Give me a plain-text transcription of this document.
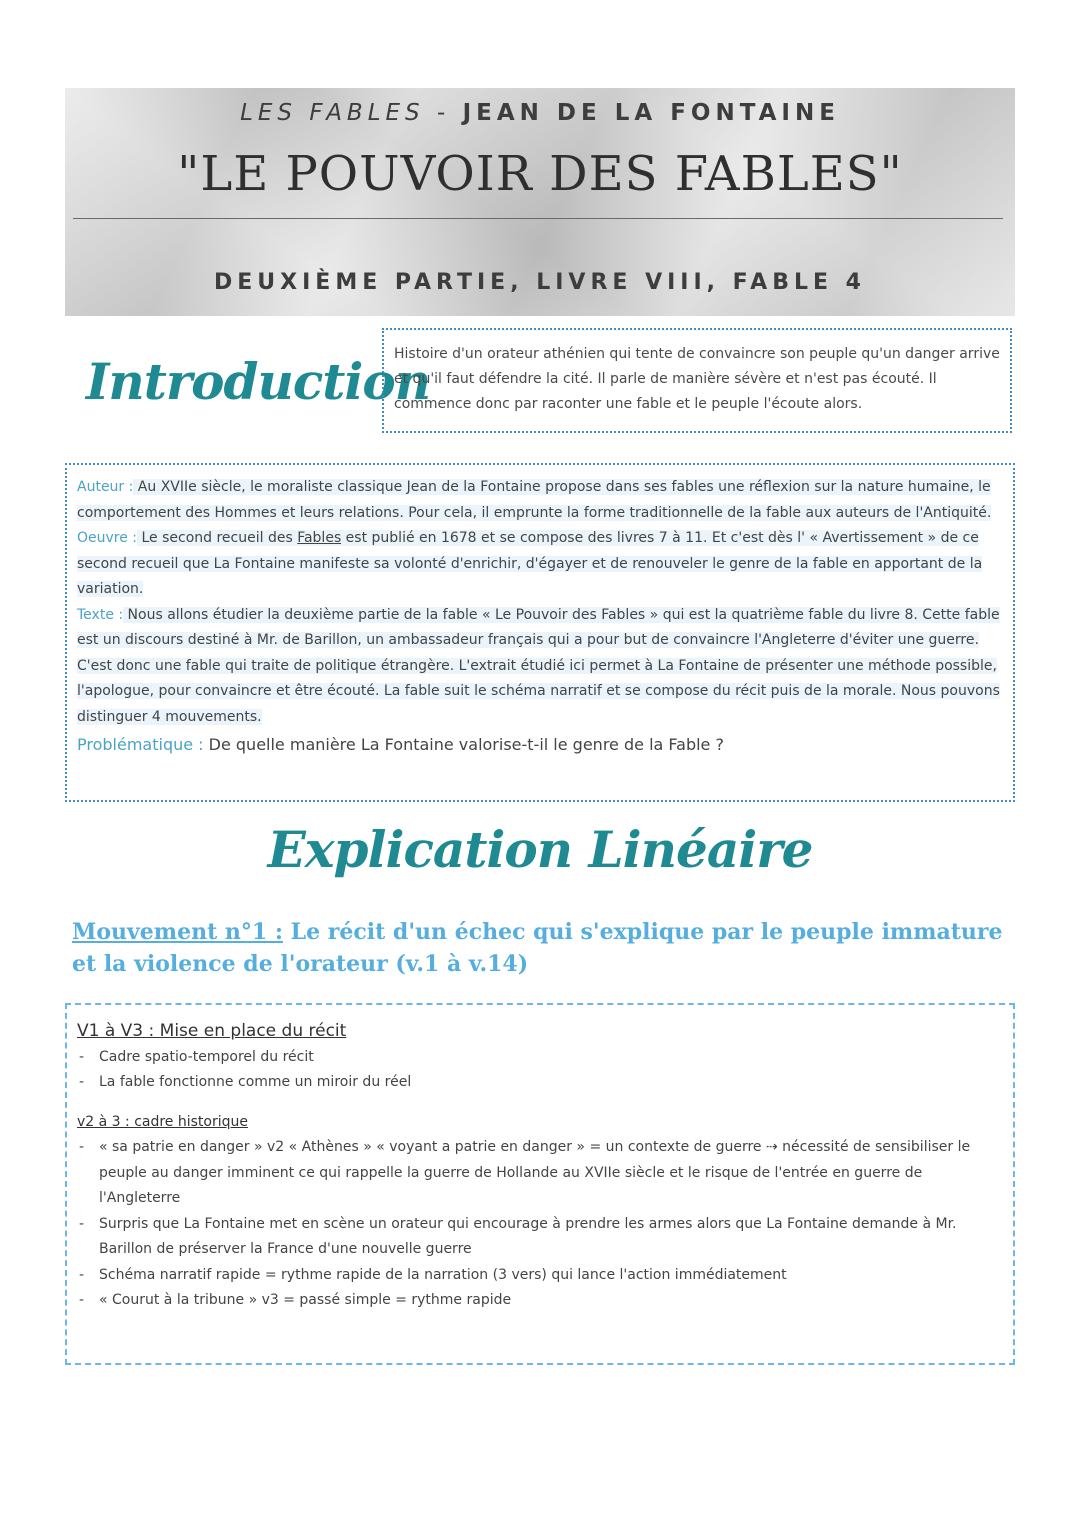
LES FABLES - JEAN DE LA FONTAINE
"LE POUVOIR DES FABLES"
DEUXIÈME PARTIE, LIVRE VIII, FABLE 4
Introduction
Histoire d'un orateur athénien qui tente de convaincre son peuple qu'un danger arrive et qu'il faut défendre la cité. Il parle de manière sévère et n'est pas écouté. Il commence donc par raconter une fable et le peuple l'écoute alors.
Auteur : Au XVIIe siècle, le moraliste classique Jean de la Fontaine propose dans ses fables une réflexion sur la nature humaine, le comportement des Hommes et leurs relations. Pour cela, il emprunte la forme traditionnelle de la fable aux auteurs de l'Antiquité.
Oeuvre : Le second recueil des Fables est publié en 1678 et se compose des livres 7 à 11. Et c'est dès l' « Avertissement » de ce second recueil que La Fontaine manifeste sa volonté d'enrichir, d'égayer et de renouveler le genre de la fable en apportant de la variation.
Texte : Nous allons étudier la deuxième partie de la fable « Le Pouvoir des Fables » qui est la quatrième fable du livre 8. Cette fable est un discours destiné à Mr. de Barillon, un ambassadeur français qui a pour but de convaincre l'Angleterre d'éviter une guerre. C'est donc une fable qui traite de politique étrangère. L'extrait étudié ici permet à La Fontaine de présenter une méthode possible, l'apologue, pour convaincre et être écouté. La fable suit le schéma narratif et se compose du récit puis de la morale. Nous pouvons distinguer 4 mouvements.
Problématique : De quelle manière La Fontaine valorise-t-il le genre de la Fable ?
Explication Linéaire
Mouvement n°1 : Le récit d'un échec qui s'explique par le peuple immature et la violence de l'orateur (v.1 à v.14)
V1 à V3 : Mise en place du récit
- Cadre spatio-temporel du récit
- La fable fonctionne comme un miroir du réel
v2 à 3 : cadre historique
- « sa patrie en danger » v2 « Athènes » « voyant a patrie en danger » = un contexte de guerre ⇢ nécessité de sensibiliser le peuple au danger imminent ce qui rappelle la guerre de Hollande au XVIIe siècle et le risque de l'entrée en guerre de l'Angleterre
- Surpris que La Fontaine met en scène un orateur qui encourage à prendre les armes alors que La Fontaine demande à Mr. Barillon de préserver la France d'une nouvelle guerre
- Schéma narratif rapide = rythme rapide de la narration (3 vers) qui lance l'action immédiatement
- « Courut à la tribune » v3 = passé simple = rythme rapide
